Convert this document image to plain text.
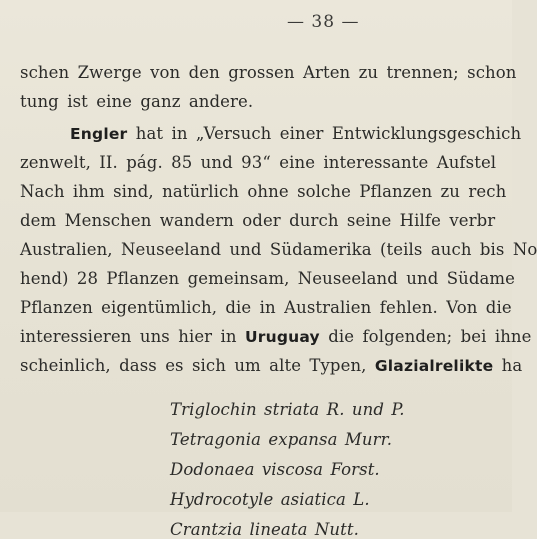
— 38 —
schen Zwerge von den grossen Arten zu trennen; schon
tung ist eine ganz andere.
Engler hat in „Versuch einer Entwicklungsgeschich
zenwelt, II. pág. 85 und 93“ eine interessante Aufstel
Nach ihm sind, natürlich ohne solche Pflanzen zu rech
dem Menschen wandern oder durch seine Hilfe verbr
Australien, Neuseeland und Südamerika (teils auch bis No
hend) 28 Pflanzen gemeinsam, Neuseeland und Südame
Pflanzen eigentümlich, die in Australien fehlen. Von die
interessieren uns hier in Uruguay die folgenden; bei ihne
scheinlich, dass es sich um alte Typen, Glazialrelikte ha
Triglochin striata R. und P.
Tetragonia expansa Murr.
Dodonaea viscosa Forst.
Hydrocotyle asiatica L.
Crantzia lineata Nutt.
